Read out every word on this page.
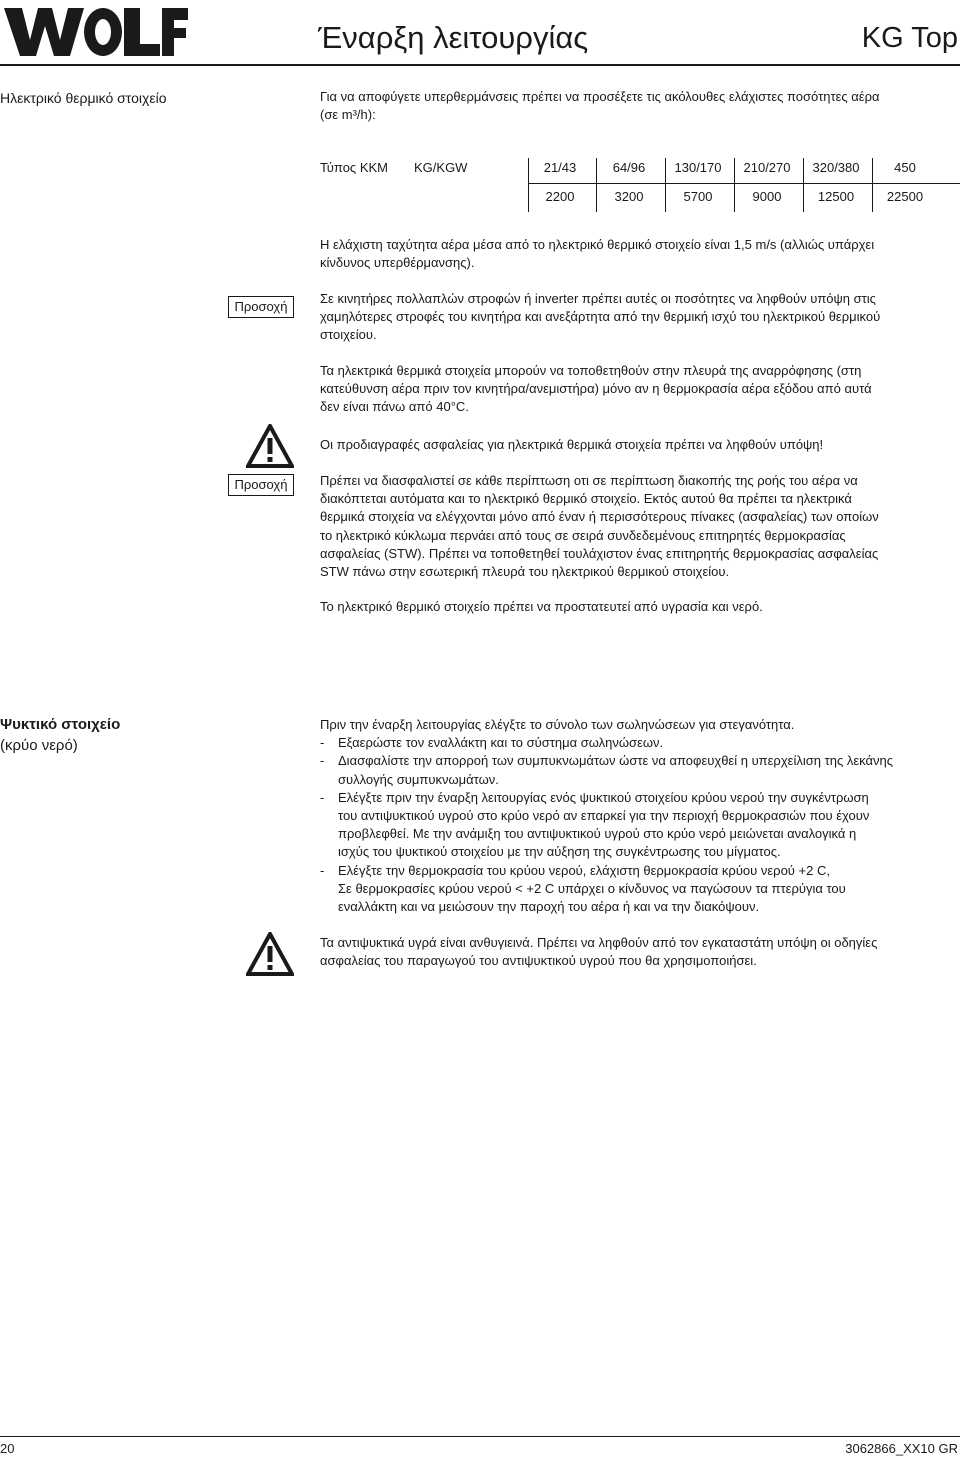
Έναρξη λειτουργίας	KG Top
Ηλεκτρικό θερμικό στοιχείο	Για να αποφύγετε υπερθερμάνσεις πρέπει να προσέξετε τις ακόλουθες ελάχιστες ποσότητες αέρα
(σε m³/h):
Τύπος KKM KG/KGW	21/43	64/96	130/170	210/270	320/380	450
2200	3200	5700	9000	12500	22500
Η ελάχιστη ταχύτητα αέρα μέσα από το ηλεκτρικό θερμικό στοιχείο είναι 1,5 m/s (αλλιώς υπάρχει
κίνδυνος υπερθέρμανσης).
Προσοχή
Σε κινητήρες πολλαπλών στροφών ή inverter πρέπει αυτές οι ποσότητες να ληφθούν υπόψη στις
χαμηλότερες στροφές του κινητήρα και ανεξάρτητα από την θερμική ισχύ του ηλεκτρικού θερμικού
στοιχείου.
Τα ηλεκτρικά θερμικά στοιχεία μπορούν να τοποθετηθούν στην πλευρά της αναρρόφησης (στη
κατεύθυνση αέρα πριν τον κινητήρα/ανεμιστήρα) μόνο αν η θερμοκρασία αέρα εξόδου από αυτά
δεν είναι πάνω από 40°C.
Οι προδιαγραφές ασφαλείας για ηλεκτρικά θερμικά στοιχεία πρέπει να ληφθούν υπόψη!
Προσοχή	Πρέπει να διασφαλιστεί σε κάθε περίπτωση οτι σε περίπτωση διακοπής της ροής του αέρα να
διακόπτεται αυτόματα και το ηλεκτρικό θερμικό στοιχείο. Εκτός αυτού θα πρέπει τα ηλεκτρικά
θερμικά στοιχεία να ελέγχονται μόνο από έναν ή περισσότερους πίνακες (ασφαλείας) των οποίων
το ηλεκτρικό κύκλωμα περνάει από τους σε σειρά συνδεδεμένους επιτηρητές θερμοκρασίας
ασφαλείας (STW). Πρέπει να τοποθετηθεί τουλάχιστον ένας επιτηρητής θερμοκρασίας ασφαλείας
STW πάνω στην εσωτερική πλευρά του ηλεκτρικού θερμικού στοιχείου.
Το ηλεκτρικό θερμικό στοιχείο πρέπει να προστατευτεί από υγρασία και νερό.
Ψυκτικό στοιχείο
(κρύο νερό)

Πριν την έναρξη λειτουργίας ελέγξτε το σύνολο των σωληνώσεων για στεγανότητα.

- Εξαερώστε τον εναλλάκτη και το σύστημα σωληνώσεων.
- Διασφαλίστε την απορροή των συμπυκνωμάτων ώστε να αποφευχθεί η υπερχείλιση της λεκάνης
συλλογής συμπυκνωμάτων.
- Ελέγξτε πριν την έναρξη λειτουργίας ενός ψυκτικού στοιχείου κρύου νερού την συγκέντρωση
του αντιψυκτικού υγρού στο κρύο νερό αν επαρκεί για την περιοχή θερμοκρασιών που έχουν
προβλεφθεί. Με την ανάμιξη του αντιψυκτικού υγρού στο κρύο νερό μειώνεται αναλογικά η
ισχύς του ψυκτικού στοιχείου με την αύξηση της συγκέντρωσης του μίγματος.
- Ελέγξτε την θερμοκρασία του κρύου νερού, ελάχιστη θερμοκρασία κρύου νερού +2 C,
Σε θερμοκρασίες κρύου νερού < +2 C υπάρχει ο κίνδυνος να παγώσουν τα πτερύγια του
εναλλάκτη και να μειώσουν την παροχή του αέρα ή και να την διακόψουν.
Τα αντιψυκτικά υγρά είναι ανθυγιεινά. Πρέπει να ληφθούν από τον εγκαταστάτη υπόψη οι οδηγίες
ασφαλείας του παραγωγού του αντιψυκτικού υγρού που θα χρησιμοποιήσει.
20	3062866_XX10 GR
